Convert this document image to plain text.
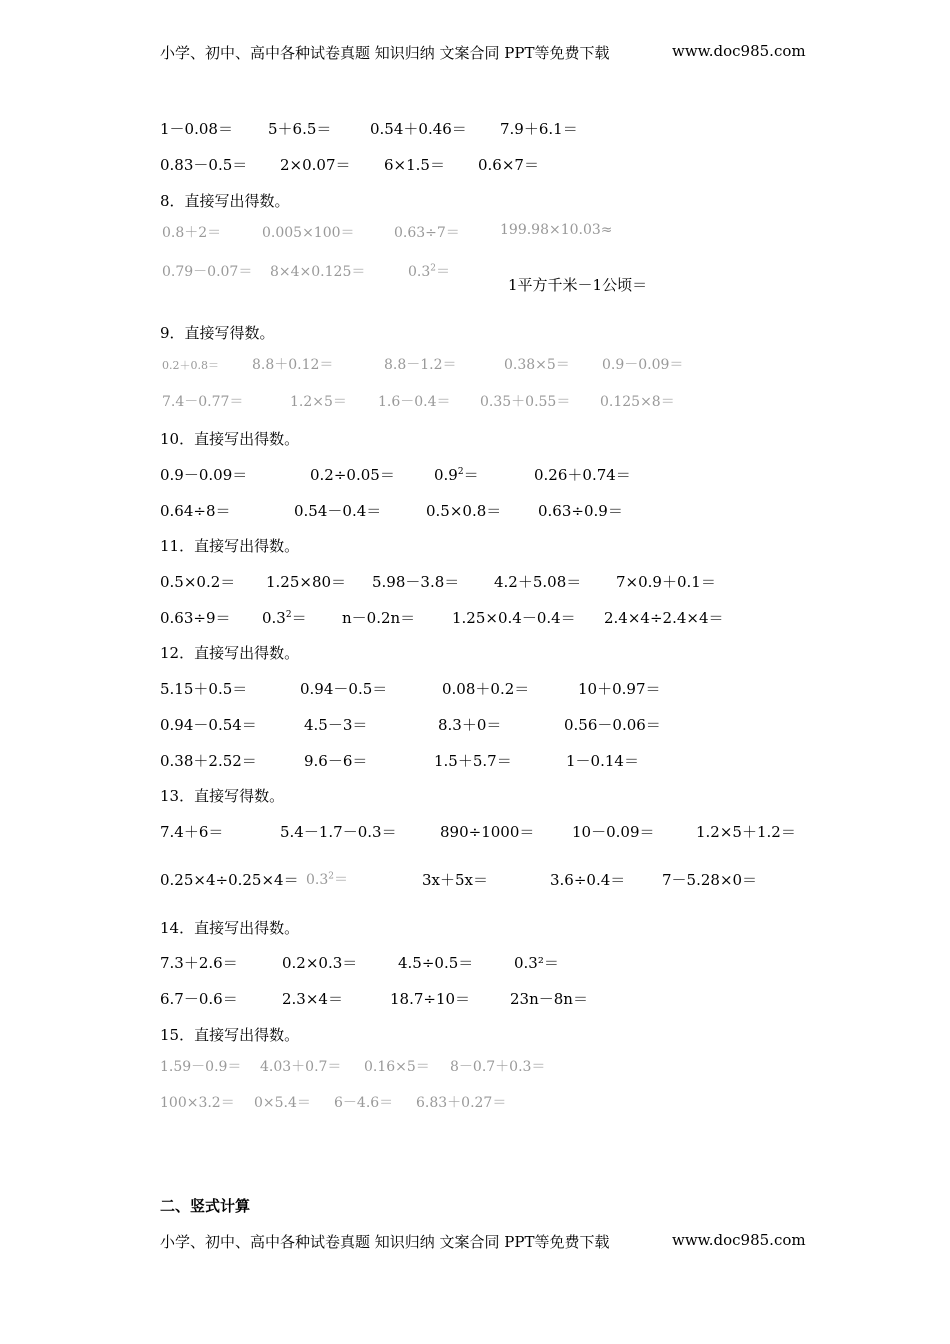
小学、初中、高中各种试卷真题 知识归纳 文案合同 PPT等免费下载	www.doc985.com
1－0.08＝ 5＋6.5＝	0.54＋0.46＝ 7.9＋6.1＝
0.83－0.5＝ 2×0.07＝ 6×1.5＝ 0.6×7＝
8．直接写出得数。
0.8＋2＝	0.005×100＝	0.63÷7＝	199.98×10.03≈
0.79－0.07＝ 8×4×0.125＝	$0.3^2=$
1平方千米－1公顷＝
9．直接写得数。
0.2＋0.8＝ 8.8＋0.12＝	8.8－1.2＝	0.38×5＝ 0.9－0.09＝
7.4－0.77＝	1.2×5＝ 1.6－0.4＝ 0.35＋0.55＝ 0.125×8＝
10．直接写出得数。
0.9－0.09＝	0.2÷0.05＝	$0.9^2=$	0.26＋0.74＝
0.64÷8＝	0.54－0.4＝	0.5×0.8＝ 0.63÷0.9＝
11．直接写出得数。
0.5×0.2＝ 1.25×80＝ 5.98－3.8＝ 4.2＋5.08＝ 7×0.9＋0.1＝
$0.63\div 9= 0.3^2= n-0.2n= 1.25\times 0.4-0.4= 2.4\times 4\div 2.4\times 4=$
12．直接写出得数。
5.15＋0.5＝	0.94－0.5＝	0.08＋0.2＝	10＋0.97＝
0.94－0.54＝	4.5－3＝	8.3＋0＝	0.56－0.06＝
0.38＋2.52＝	9.6－6＝	1.5＋5.7＝	1－0.14＝
13．直接写得数。
7.4＋6＝	5.4－1.7－0.3＝	890÷1000＝	10－0.09＝	1.2×5＋1.2＝
$0.25\times 4\div 0.25\times 4= 0.3^2=$	3x＋5x＝	3.6÷0.4＝ 7－5.28×0＝
14．直接写出得数。
7.3＋2.6＝	0.2×0.3＝	4.5÷0.5＝	0.3²＝
6.7－0.6＝	2.3×4＝	18.7÷10＝	23n－8n＝
15．直接写出得数。
1.59－0.9＝ 4.03＋0.7＝ 0.16×5＝ 8－0.7＋0.3＝
100×3.2＝ 0×5.4＝ 6－4.6＝ 6.83＋0.27＝
二、竖式计算
小学、初中、高中各种试卷真题 知识归纳 文案合同 PPT等免费下载	www.doc985.com
